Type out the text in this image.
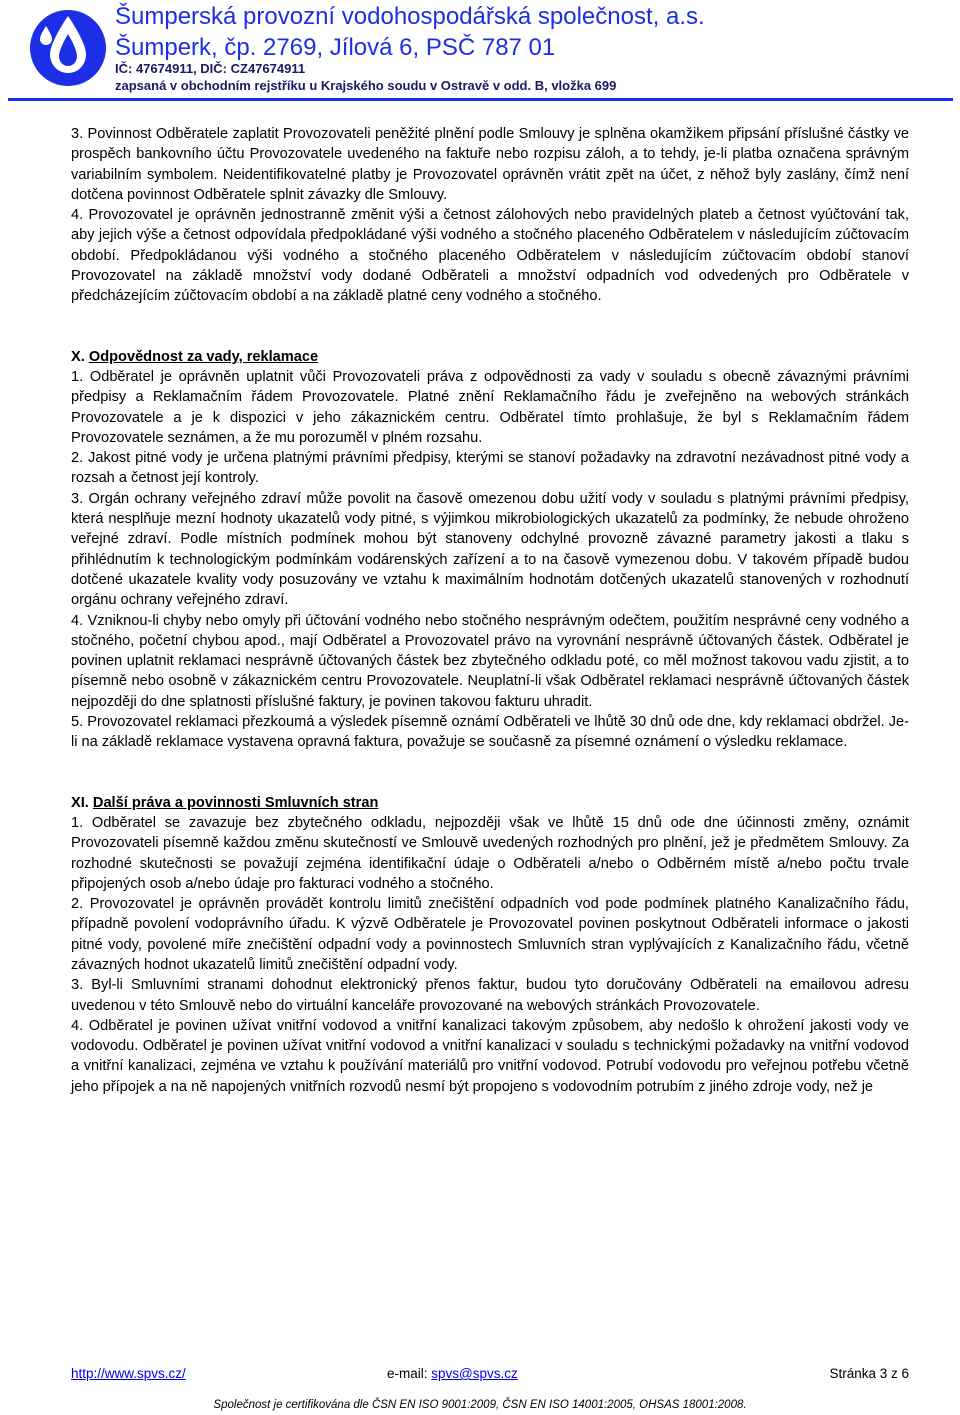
Šumperská provozní vodohospodářská společnost, a.s.
Šumperk, čp. 2769, Jílová 6, PSČ 787 01
IČ: 47674911, DIČ: CZ47674911
zapsaná v obchodním rejstříku u Krajského soudu v Ostravě v odd. B, vložka 699

3. Povinnost Odběratele zaplatit Provozovateli peněžité plnění podle Smlouvy je splněna okamžikem připsání příslušné částky ve prospěch bankovního účtu Provozovatele uvedeného na faktuře nebo rozpisu záloh, a to tehdy, je-li platba označena správným variabilním symbolem. Neidentifikovatelné platby je Provozovatel oprávněn vrátit zpět na účet, z něhož byly zaslány, čímž není dotčena povinnost Odběratele splnit závazky dle Smlouvy.

4. Provozovatel je oprávněn jednostranně změnit výši a četnost zálohových nebo pravidelných plateb a četnost vyúčtování tak, aby jejich výše a četnost odpovídala předpokládané výši vodného a stočného placeného Odběratelem v následujícím zúčtovacím období. Předpokládanou výši vodného a stočného placeného Odběratelem v následujícím zúčtovacím období stanoví Provozovatel na základě množství vody dodané Odběrateli a množství odpadních vod odvedených pro Odběratele v předcházejícím zúčtovacím období a na základě platné ceny vodného a stočného.

X. Odpovědnost za vady, reklamace

1. Odběratel je oprávněn uplatnit vůči Provozovateli práva z odpovědnosti za vady v souladu s obecně závaznými právními předpisy a Reklamačním řádem Provozovatele. Platné znění Reklamačního řádu je zveřejněno na webových stránkách Provozovatele a je k dispozici v jeho zákaznickém centru. Odběratel tímto prohlašuje, že byl s Reklamačním řádem Provozovatele seznámen, a že mu porozuměl v plném rozsahu.

2. Jakost pitné vody je určena platnými právními předpisy, kterými se stanoví požadavky na zdravotní nezávadnost pitné vody a rozsah a četnost její kontroly.

3. Orgán ochrany veřejného zdraví může povolit na časově omezenou dobu užití vody v souladu s platnými právními předpisy, která nesplňuje mezní hodnoty ukazatelů vody pitné, s výjimkou mikrobiologických ukazatelů za podmínky, že nebude ohroženo veřejné zdraví. Podle místních podmínek mohou být stanoveny odchylné provozně závazné parametry jakosti a tlaku s přihlédnutím k technologickým podmínkám vodárenských zařízení a to na časově vymezenou dobu. V takovém případě budou dotčené ukazatele kvality vody posuzovány ve vztahu k maximálním hodnotám dotčených ukazatelů stanovených v rozhodnutí orgánu ochrany veřejného zdraví.

4. Vzniknou-li chyby nebo omyly při účtování vodného nebo stočného nesprávným odečtem, použitím nesprávné ceny vodného a stočného, početní chybou apod., mají Odběratel a Provozovatel právo na vyrovnání nesprávně účtovaných částek. Odběratel je povinen uplatnit reklamaci nesprávně účtovaných částek bez zbytečného odkladu poté, co měl možnost takovou vadu zjistit, a to písemně nebo osobně v zákaznickém centru Provozovatele. Neuplatní-li však Odběratel reklamaci nesprávně účtovaných částek nejpozději do dne splatnosti příslušné faktury, je povinen takovou fakturu uhradit.

5. Provozovatel reklamaci přezkoumá a výsledek písemně oznámí Odběrateli ve lhůtě 30 dnů ode dne, kdy reklamaci obdržel. Je-li na základě reklamace vystavena opravná faktura, považuje se současně za písemné oznámení o výsledku reklamace.

XI. Další práva a povinnosti Smluvních stran

1. Odběratel se zavazuje bez zbytečného odkladu, nejpozději však ve lhůtě 15 dnů ode dne účinnosti změny, oznámit Provozovateli písemně každou změnu skutečností ve Smlouvě uvedených rozhodných pro plnění, jež je předmětem Smlouvy. Za rozhodné skutečnosti se považují zejména identifikační údaje o Odběrateli a/nebo o Odběrném místě a/nebo počtu trvale připojených osob a/nebo údaje pro fakturaci vodného a stočného.

2. Provozovatel je oprávněn provádět kontrolu limitů znečištění odpadních vod pode podmínek platného Kanalizačního řádu, případně povolení vodoprávního úřadu. K výzvě Odběratele je Provozovatel povinen poskytnout Odběrateli informace o jakosti pitné vody, povolené míře znečištění odpadní vody a povinnostech Smluvních stran vyplývajících z Kanalizačního řádu, včetně závazných hodnot ukazatelů limitů znečištění odpadní vody.

3. Byl-li Smluvními stranami dohodnut elektronický přenos faktur, budou tyto doručovány Odběrateli na emailovou adresu uvedenou v této Smlouvě nebo do virtuální kanceláře provozované na webových stránkách Provozovatele.

4. Odběratel je povinen užívat vnitřní vodovod a vnitřní kanalizaci takovým způsobem, aby nedošlo k ohrožení jakosti vody ve vodovodu. Odběratel je povinen užívat vnitřní vodovod a vnitřní kanalizaci v souladu s technickými požadavky na vnitřní vodovod a vnitřní kanalizaci, zejména ve vztahu k používání materiálů pro vnitřní vodovod. Potrubí vodovodu pro veřejnou potřebu včetně jeho přípojek a na ně napojených vnitřních rozvodů nesmí být propojeno s vodovodním potrubím z jiného zdroje vody, než je

http://www.spvs.cz/	e-mail: spvs@spvs.cz	Stránka 3 z 6
Společnost je certifikována dle ČSN EN ISO 9001:2009, ČSN EN ISO 14001:2005, OHSAS 18001:2008.
